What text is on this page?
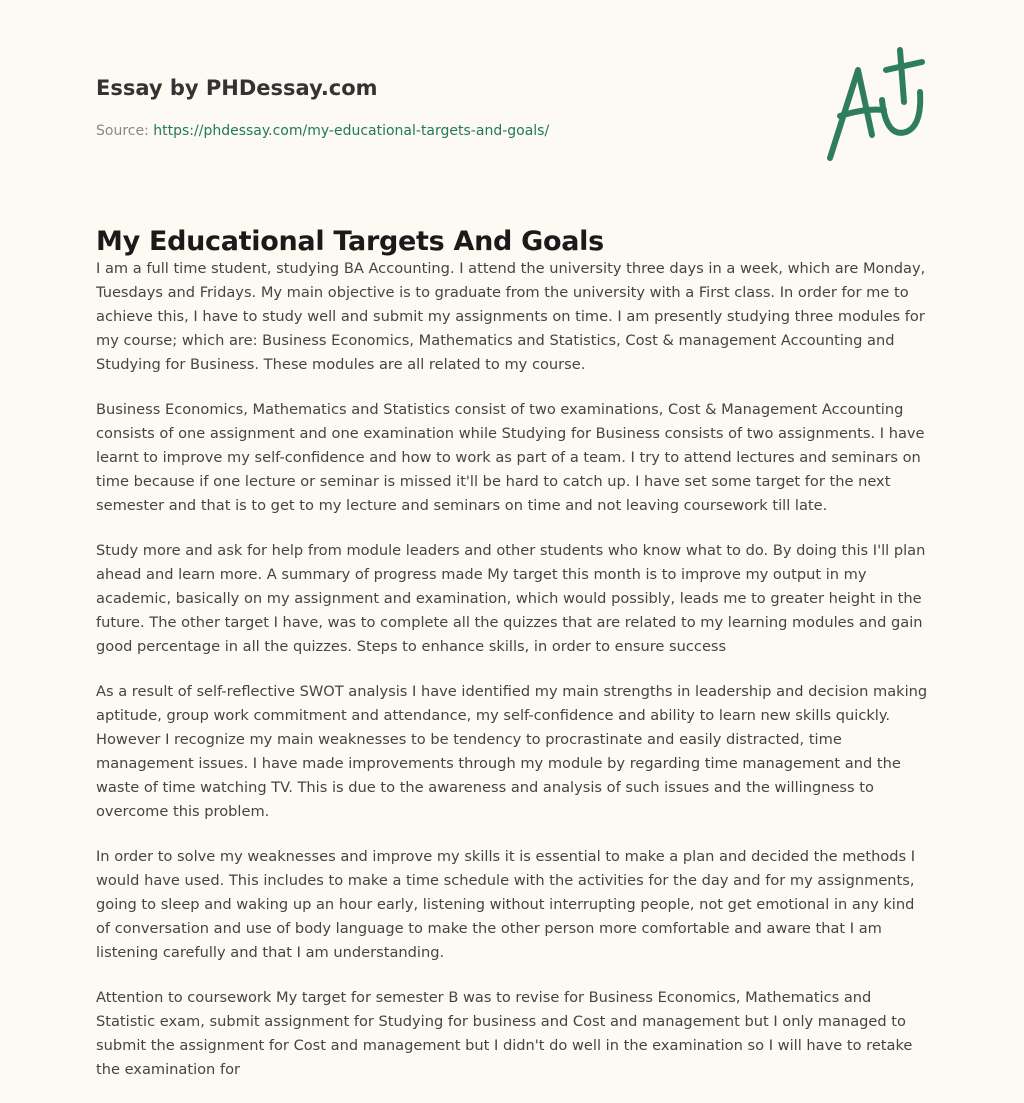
Essay by PHDessay.com
Source: https://phdessay.com/my-educational-targets-and-goals/
My Educational Targets And Goals

I am a full time student, studying BA Accounting. I attend the university three days in a week, which are Monday, Tuesdays and Fridays. My main objective is to graduate from the university with a First class. In order for me to achieve this, I have to study well and submit my assignments on time. I am presently studying three modules for my course; which are: Business Economics, Mathematics and Statistics, Cost & management Accounting and Studying for Business. These modules are all related to my course.

Business Economics, Mathematics and Statistics consist of two examinations, Cost & Management Accounting consists of one assignment and one examination while Studying for Business consists of two assignments. I have learnt to improve my self-confidence and how to work as part of a team. I try to attend lectures and seminars on time because if one lecture or seminar is missed it'll be hard to catch up. I have set some target for the next semester and that is to get to my lecture and seminars on time and not leaving coursework till late.

Study more and ask for help from module leaders and other students who know what to do. By doing this I'll plan ahead and learn more. A summary of progress made My target this month is to improve my output in my academic, basically on my assignment and examination, which would possibly, leads me to greater height in the future. The other target I have, was to complete all the quizzes that are related to my learning modules and gain good percentage in all the quizzes. Steps to enhance skills, in order to ensure success

As a result of self-reflective SWOT analysis I have identified my main strengths in leadership and decision making aptitude, group work commitment and attendance, my self-confidence and ability to learn new skills quickly. However I recognize my main weaknesses to be tendency to procrastinate and easily distracted, time management issues. I have made improvements through my module by regarding time management and the waste of time watching TV. This is due to the awareness and analysis of such issues and the willingness to overcome this problem.

In order to solve my weaknesses and improve my skills it is essential to make a plan and decided the methods I would have used. This includes to make a time schedule with the activities for the day and for my assignments, going to sleep and waking up an hour early, listening without interrupting people, not get emotional in any kind of conversation and use of body language to make the other person more comfortable and aware that I am listening carefully and that I am understanding.

Attention to coursework My target for semester B was to revise for Business Economics, Mathematics and Statistic exam, submit assignment for Studying for business and Cost and management but I only managed to submit the assignment for Cost and management but I didn't do well in the examination so I will have to retake the examination for
